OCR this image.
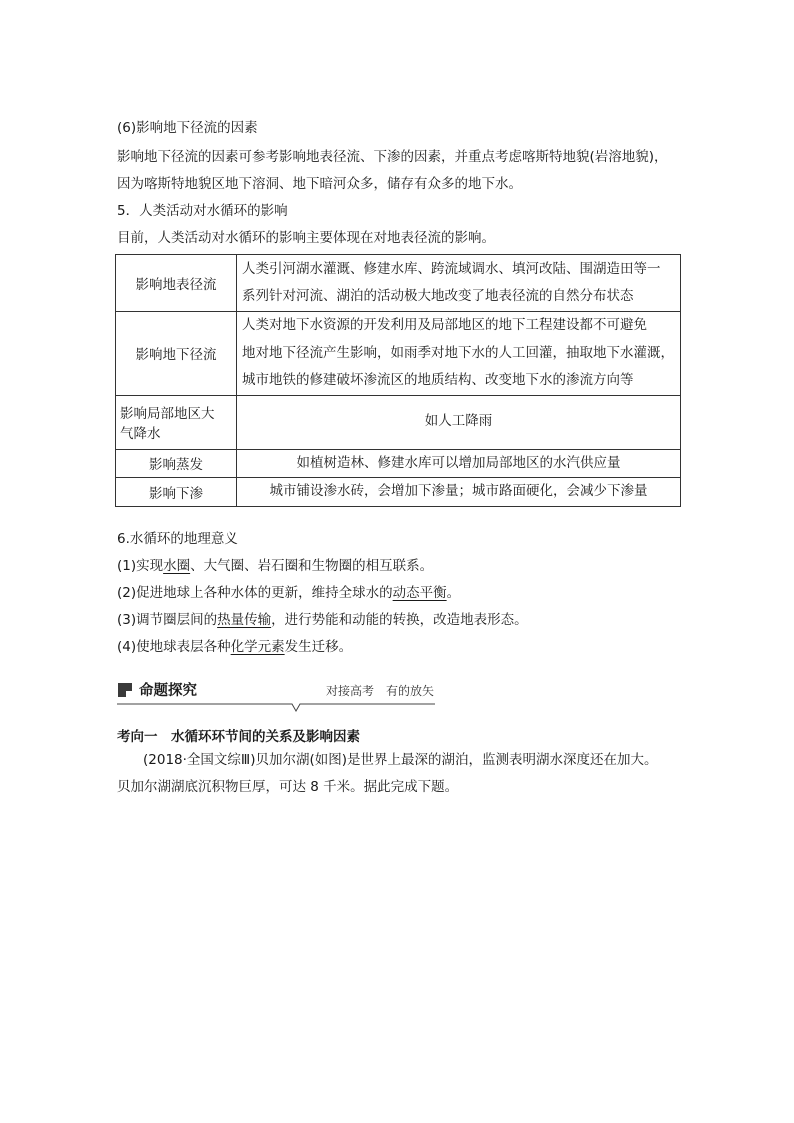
(6)影响地下径流的因素
影响地下径流的因素可参考影响地表径流、下渗的因素，并重点考虑喀斯特地貌(岩溶地貌)，
因为喀斯特地貌区地下溶洞、地下暗河众多，储存有众多的地下水。
5．人类活动对水循环的影响
目前，人类活动对水循环的影响主要体现在对地表径流的影响。
影响地表径流	人类引河湖水灌溉、修建水库、跨流域调水、填河改陆、围湖造田等一
系列针对河流、湖泊的活动极大地改变了地表径流的自然分布状态

影响地下径流	人类对地下水资源的开发利用及局部地区的地下工程建设都不可避免
地对地下径流产生影响，如雨季对地下水的人工回灌，抽取地下水灌溉，
城市地铁的修建破坏渗流区的地质结构、改变地下水的渗流方向等

影响局部地区大
气降水	如人工降雨
影响蒸发	如植树造林、修建水库可以增加局部地区的水汽供应量
影响下渗	城市铺设渗水砖，会增加下渗量；城市路面硬化，会减少下渗量
6.水循环的地理意义
(1)实现水圈、大气圈、岩石圈和生物圈的相互联系。
(2)促进地球上各种水体的更新，维持全球水的动态平衡。
(3)调节圈层间的热量传输，进行势能和动能的转换，改造地表形态。
(4)使地球表层各种化学元素发生迁移。
命题探究	对接高考　有的放矢
考向一　水循环环节间的关系及影响因素
(2018·全国文综Ⅲ)贝加尔湖(如图)是世界上最深的湖泊，监测表明湖水深度还在加大。
贝加尔湖湖底沉积物巨厚，可达 8 千米。据此完成下题。
